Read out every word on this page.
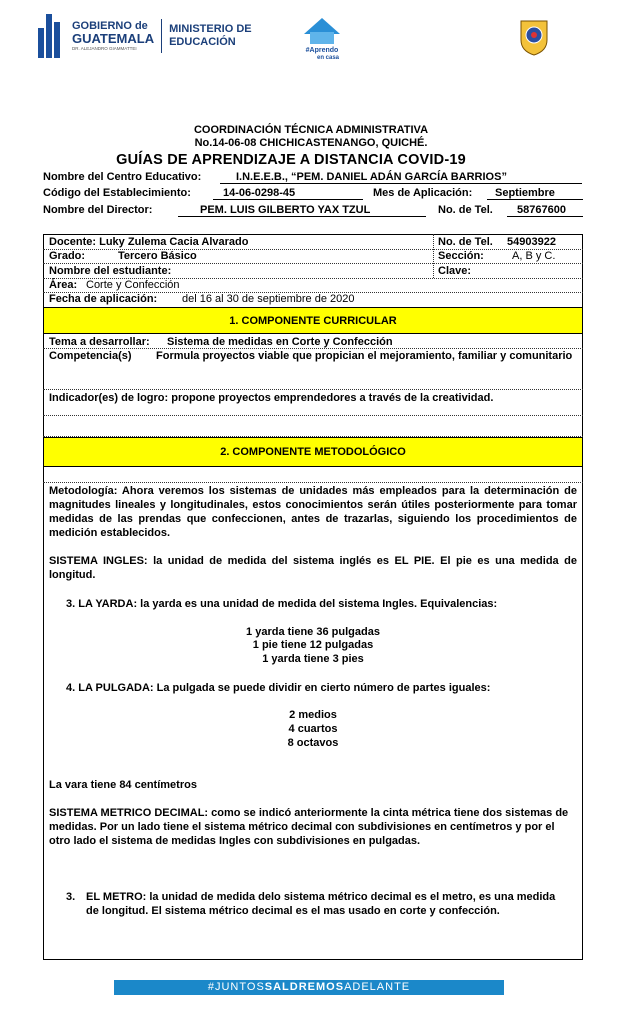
GOBIERNO de
GUATEMALA
DR. ALEJANDRO GIAMMATTEI
MINISTERIO DE
EDUCACIÓN
#Aprendo
en casa
COORDINACIÓN TÉCNICA ADMINISTRATIVA
No.14-06-08 CHICHICASTENANGO, QUICHÉ.
GUÍAS DE APRENDIZAJE A DISTANCIA COVID-19
Nombre del Centro Educativo:	I.N.E.E.B., “PEM. DANIEL ADÁN GARCÍA BARRIOS”
Código del Establecimiento:	14-06-0298-45	Mes de Aplicación:	Septiembre
Nombre del Director:	PEM. LUIS GILBERTO YAX TZUL	No. de Tel.	58767600
Docente: Luky Zulema Cacia Alvarado	No. de Tel. 54903922
Grado:	Tercero Básico	Sección:	A, B y C.
Nombre del estudiante:	Clave:
Área: Corte y Confección
Fecha de aplicación: del 16 al 30 de septiembre de 2020
1. COMPONENTE CURRICULAR
Tema a desarrollar: Sistema de medidas en Corte y Confección
Competencia(s)	Formula proyectos viable que propician el mejoramiento, familiar y comunitario
Indicador(es) de logro: propone proyectos emprendedores a través de la creatividad.
2. COMPONENTE METODOLÓGICO
Metodología: Ahora veremos los sistemas de unidades más empleados para la determinación de magnitudes lineales y longitudinales, estos conocimientos serán útiles posteriormente para tomar medidas de las prendas que confeccionen, antes de trazarlas, siguiendo los procedimientos de medición establecidos.
SISTEMA INGLES: la unidad de medida del sistema inglés es EL PIE. El pie es una medida de longitud.
3. LA YARDA: la yarda es una unidad de medida del sistema Ingles. Equivalencias:
1 yarda tiene 36 pulgadas
1 pie tiene 12 pulgadas
1 yarda tiene 3 pies
4. LA PULGADA: La pulgada se puede dividir en cierto número de partes iguales:
2 medios
4 cuartos
8 octavos
La vara tiene 84 centímetros
SISTEMA METRICO DECIMAL: como se indicó anteriormente la cinta métrica tiene dos sistemas de medidas. Por un lado tiene el sistema métrico decimal con subdivisiones en centímetros y por el otro lado el sistema de medidas Ingles con subdivisiones en pulgadas.
3. EL METRO: la unidad de medida delo sistema métrico decimal es el metro, es una medida de longitud. El sistema métrico decimal es el mas usado en corte y confección.
#JUNTOSSALDREMOSADELANTE
